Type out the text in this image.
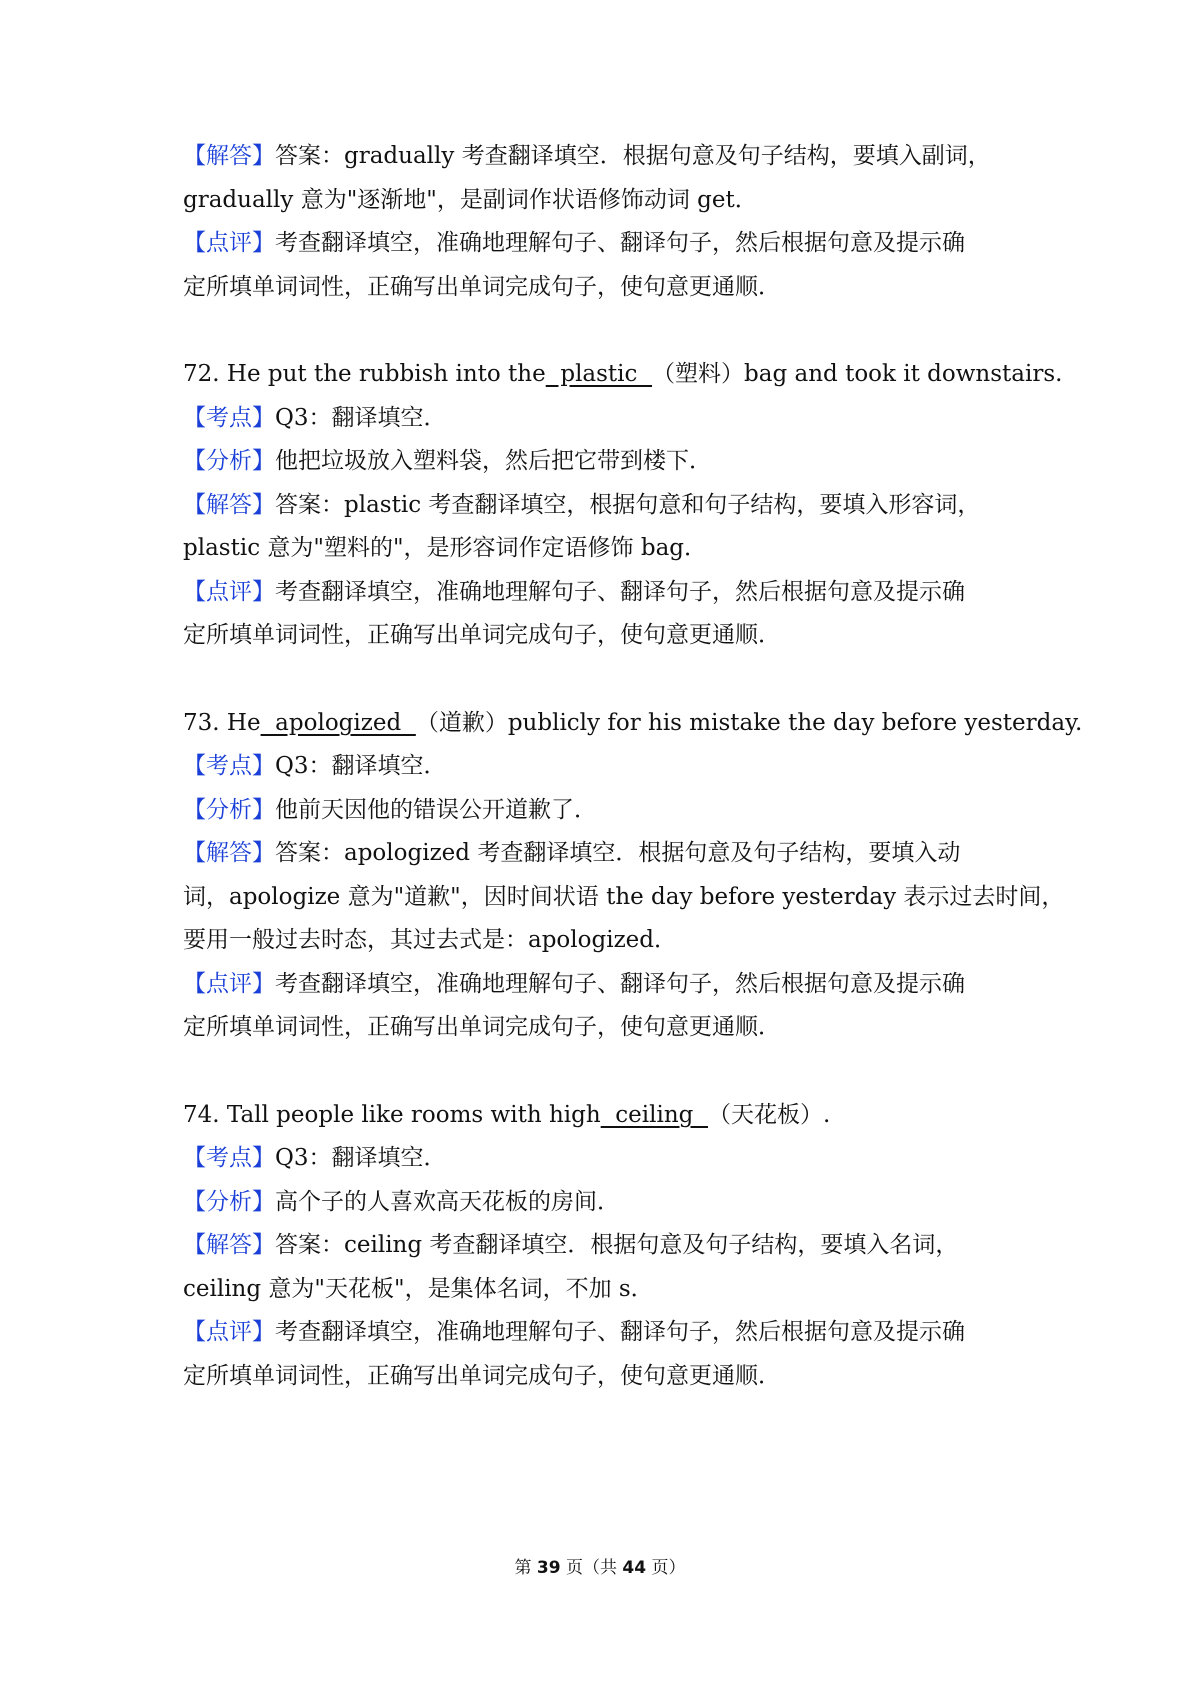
【解答】答案：gradually 考查翻译填空．根据句意及句子结构，要填入副词，
gradually 意为"逐渐地"，是副词作状语修饰动词 get．
【点评】考查翻译填空，准确地理解句子、翻译句子，然后根据句意及提示确
定所填单词词性，正确写出单词完成句子，使句意更通顺．
72. He put the rubbish into the  plastic  （塑料）bag and took it downstairs.
【考点】Q3：翻译填空．
【分析】他把垃圾放入塑料袋，然后把它带到楼下．
【解答】答案：plastic 考查翻译填空，根据句意和句子结构，要填入形容词，
plastic 意为"塑料的"，是形容词作定语修饰 bag．
【点评】考查翻译填空，准确地理解句子、翻译句子，然后根据句意及提示确
定所填单词词性，正确写出单词完成句子，使句意更通顺．
73. He  apologized  （道歉）publicly for his mistake the day before yesterday.
【考点】Q3：翻译填空．
【分析】他前天因他的错误公开道歉了．
【解答】答案：apologized 考查翻译填空．根据句意及句子结构，要填入动
词，apologize 意为"道歉"，因时间状语 the day before yesterday 表示过去时间，
要用一般过去时态，其过去式是：apologized．
【点评】考查翻译填空，准确地理解句子、翻译句子，然后根据句意及提示确
定所填单词词性，正确写出单词完成句子，使句意更通顺．
74. Tall people like rooms with high  ceiling  （天花板）.
【考点】Q3：翻译填空．
【分析】高个子的人喜欢高天花板的房间．
【解答】答案：ceiling 考查翻译填空．根据句意及句子结构，要填入名词，
ceiling 意为"天花板"，是集体名词，不加 s．
【点评】考查翻译填空，准确地理解句子、翻译句子，然后根据句意及提示确
定所填单词词性，正确写出单词完成句子，使句意更通顺．
第 39 页（共 44 页）
